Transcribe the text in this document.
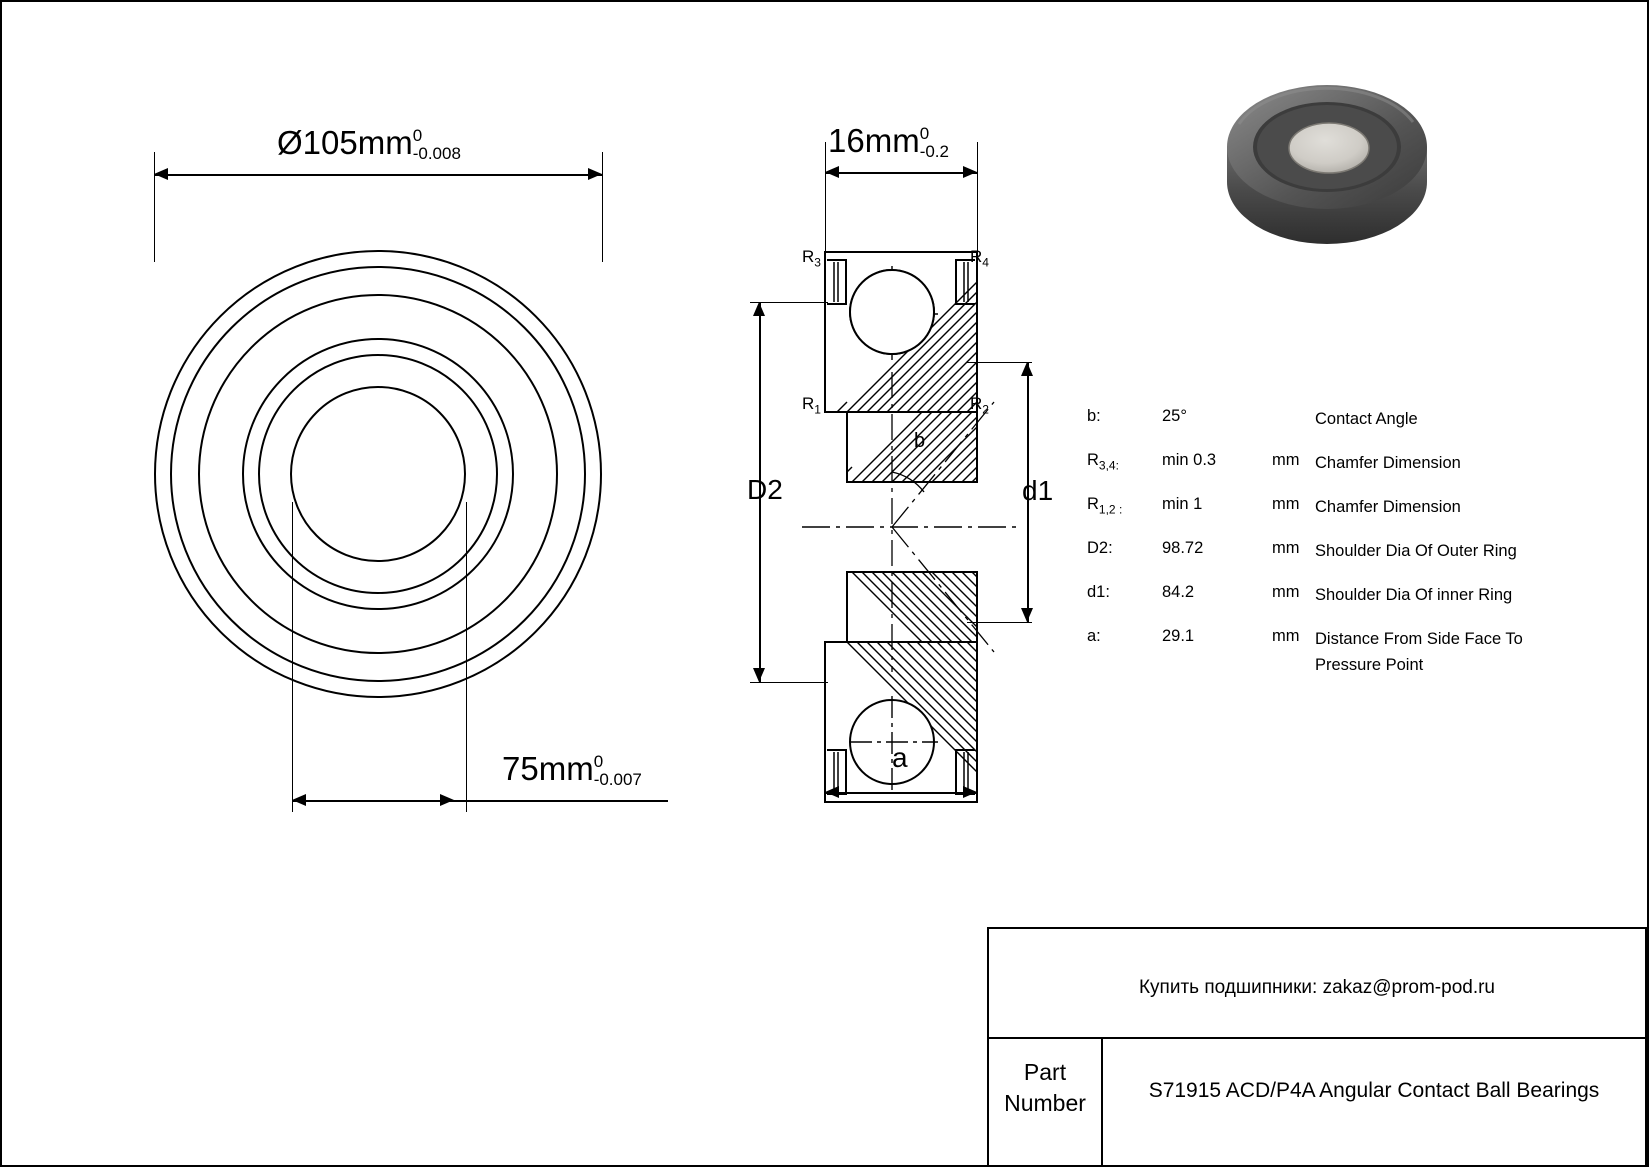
Ø105mm0
-0.008
75mm0
-0.007
16mm0
-0.2
D2	d1
a
$R_3$	$R_4$
$R_1$	$R_2$
b
b:	25°	Contact Angle
$R_{3,4:}$	min 0.3	mm Chamfer Dimension
$R_{1,2 :}$	min 1	mm Chamfer Dimension
D2:	98.72	mm Shoulder Dia Of Outer Ring
d1:	84.2	mm Shoulder Dia Of inner Ring
a:	29.1	mm Distance From Side Face To Pressure Point
Купить подшипники: zakaz@prom-pod.ru
Part
Number	S71915 ACD/P4A Angular Contact Ball Bearings
